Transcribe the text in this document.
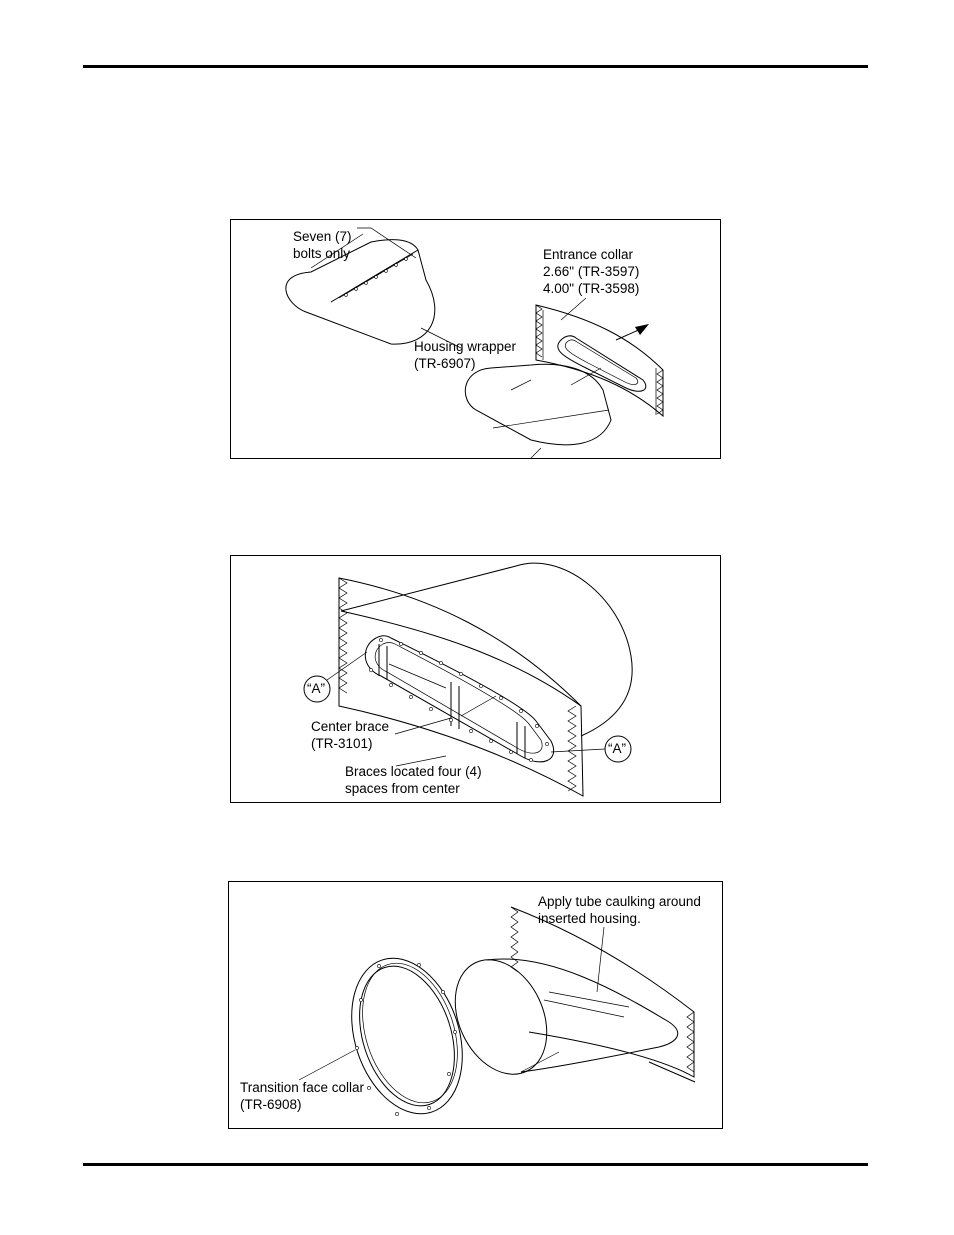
Seven (7)
bolts only	Entrance collar
2.66" (TR-3597)
4.00" (TR-3598)
Housing wrapper
(TR-6907)
“A”
“A”
Center brace
(TR-3101)
Braces located four (4)
spaces from center
Apply tube caulking around
inserted housing.
Transition face collar
(TR-6908)
